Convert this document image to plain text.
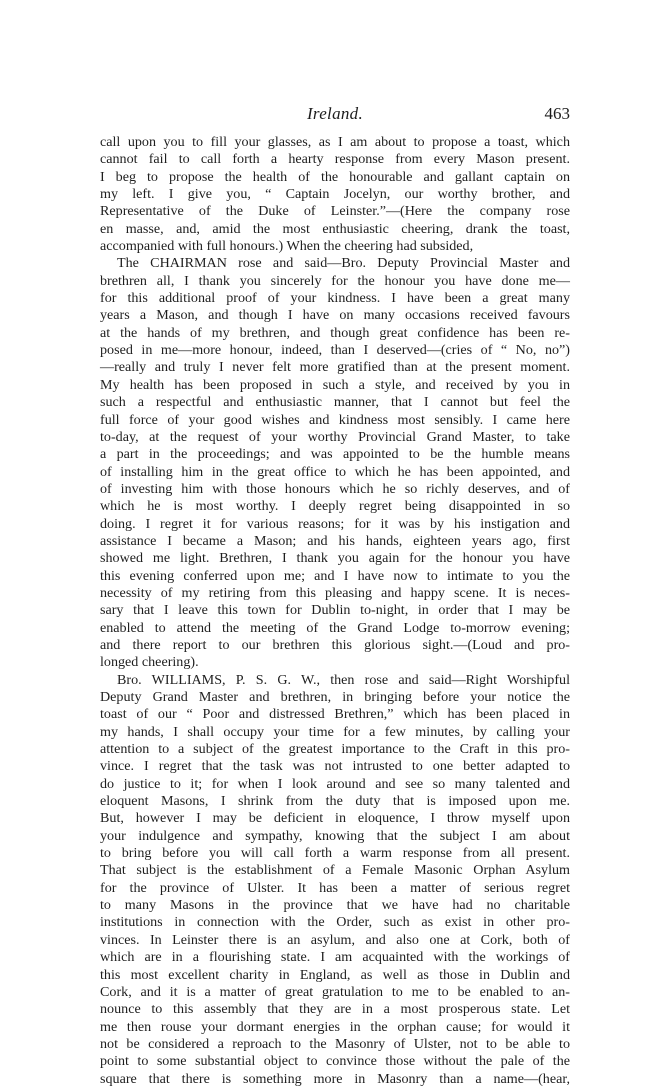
Ireland.	463
call upon you to fill your glasses, as I am about to propose a toast, which
cannot fail to call forth a hearty response from every Mason present.
I beg to propose the health of the honourable and gallant captain on
my left. I give you, “ Captain Jocelyn, our worthy brother, and
Representative of the Duke of Leinster.”—(Here the company rose
en masse, and, amid the most enthusiastic cheering, drank the toast,
accompanied with full honours.) When the cheering had subsided,
The CHAIRMAN rose and said—Bro. Deputy Provincial Master and
brethren all, I thank you sincerely for the honour you have done me—
for this additional proof of your kindness. I have been a great many
years a Mason, and though I have on many occasions received favours
at the hands of my brethren, and though great confidence has been re-
posed in me—more honour, indeed, than I deserved—(cries of “ No, no”)
—really and truly I never felt more gratified than at the present moment.
My health has been proposed in such a style, and received by you in
such a respectful and enthusiastic manner, that I cannot but feel the
full force of your good wishes and kindness most sensibly. I came here
to-day, at the request of your worthy Provincial Grand Master, to take
a part in the proceedings; and was appointed to be the humble means
of installing him in the great office to which he has been appointed, and
of investing him with those honours which he so richly deserves, and of
which he is most worthy. I deeply regret being disappointed in so
doing. I regret it for various reasons; for it was by his instigation and
assistance I became a Mason; and his hands, eighteen years ago, first
showed me light. Brethren, I thank you again for the honour you have
this evening conferred upon me; and I have now to intimate to you the
necessity of my retiring from this pleasing and happy scene. It is neces-
sary that I leave this town for Dublin to-night, in order that I may be
enabled to attend the meeting of the Grand Lodge to-morrow evening;
and there report to our brethren this glorious sight.—(Loud and pro-
longed cheering).
Bro. WILLIAMS, P. S. G. W., then rose and said—Right Worshipful
Deputy Grand Master and brethren, in bringing before your notice the
toast of our “ Poor and distressed Brethren,” which has been placed in
my hands, I shall occupy your time for a few minutes, by calling your
attention to a subject of the greatest importance to the Craft in this pro-
vince. I regret that the task was not intrusted to one better adapted to
do justice to it; for when I look around and see so many talented and
eloquent Masons, I shrink from the duty that is imposed upon me.
But, however I may be deficient in eloquence, I throw myself upon
your indulgence and sympathy, knowing that the subject I am about
to bring before you will call forth a warm response from all present.
That subject is the establishment of a Female Masonic Orphan Asylum
for the province of Ulster. It has been a matter of serious regret
to many Masons in the province that we have had no charitable
institutions in connection with the Order, such as exist in other pro-
vinces. In Leinster there is an asylum, and also one at Cork, both of
which are in a flourishing state. I am acquainted with the workings of
this most excellent charity in England, as well as those in Dublin and
Cork, and it is a matter of great gratulation to me to be enabled to an-
nounce to this assembly that they are in a most prosperous state. Let
me then rouse your dormant energies in the orphan cause; for would it
not be considered a reproach to the Masonry of Ulster, not to be able to
point to some substantial object to convince those without the pale of the
square that there is something more in Masonry than a name—(hear,
